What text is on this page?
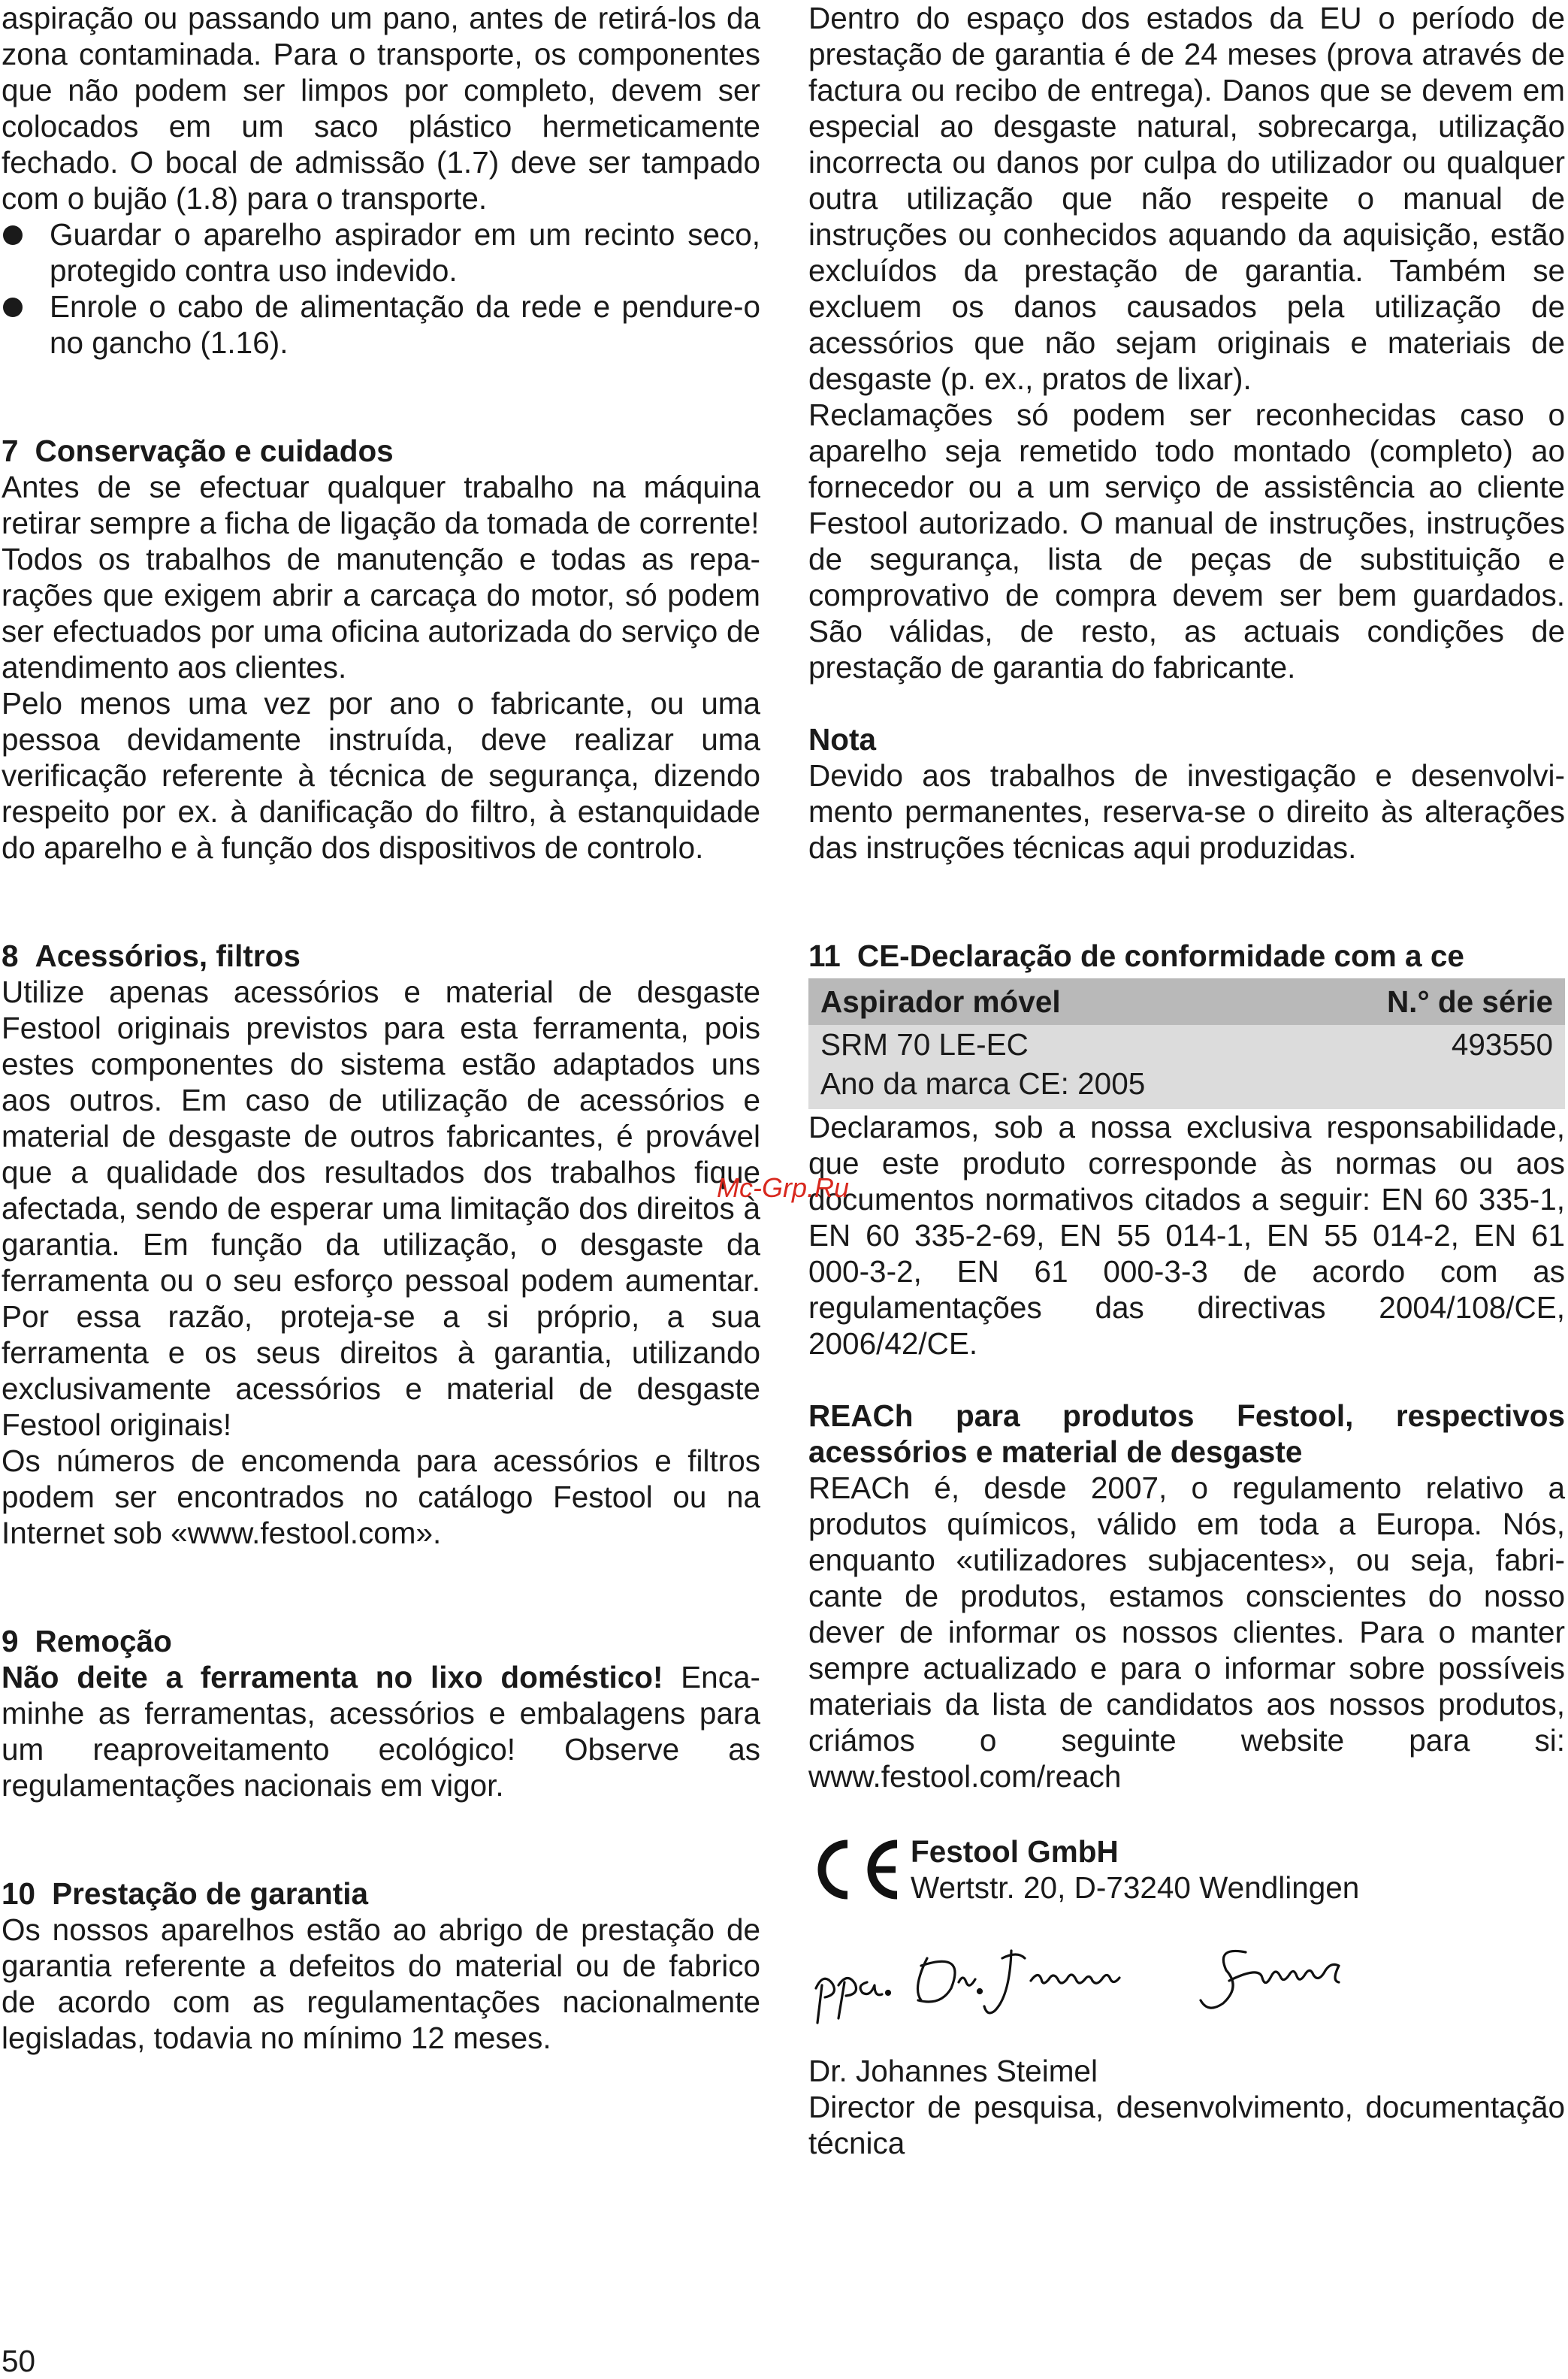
aspiração ou passando um pano, antes de retirá-los da zona contaminada. Para o transporte, os componentes que não podem ser limpos por completo, devem ser colocados em um saco plástico hermeticamente fechado. O bocal de admissão (1.7) deve ser tampado com o bujão (1.8) para o transporte.

Guardar o aparelho aspirador em um recinto seco, protegido contra uso indevido.

Enrole o cabo de alimentação da rede e pendure-o no gancho (1.16).

7 Conservação e cuidados

Antes de se efectuar qualquer trabalho na máquina retirar sempre a ficha de ligação da tomada de corrente!

Todos os trabalhos de manutenção e todas as reparações que exigem abrir a carcaça do motor, só podem ser efectuados por uma oficina autorizada do serviço de atendimento aos clientes.

Pelo menos uma vez por ano o fabricante, ou uma pessoa devidamente instruída, deve realizar uma verificação referente à técnica de segurança, dizendo respeito por ex. à danificação do filtro, à estanquidade do aparelho e à função dos dispositivos de controlo.

8 Acessórios, filtros

Utilize apenas acessórios e material de desgaste Festool originais previstos para esta ferramenta, pois estes componentes do sistema estão adaptados uns aos outros. Em caso de utilização de acessórios e material de desgaste de outros fabricantes, é provável que a qualidade dos resultados dos trabalhos fique afectada, sendo de esperar uma limitação dos direitos à garantia. Em função da utilização, o desgaste da ferramenta ou o seu esforço pessoal podem aumentar. Por essa razão, proteja-se a si próprio, a sua ferramenta e os seus direitos à garantia, utilizando exclusivamente acessórios e material de desgaste Festool originais!

Os números de encomenda para acessórios e filtros podem ser encontrados no catálogo Festool ou na Internet sob «www.festool.com».

9 Remoção

Não deite a ferramenta no lixo doméstico! Encaminhe as ferramentas, acessórios e embalagens para um reaproveitamento ecológico! Observe as regulamentações nacionais em vigor.

10 Prestação de garantia

Os nossos aparelhos estão ao abrigo de prestação de garantia referente a defeitos do material ou de fabrico de acordo com as regulamentações nacionalmente legisladas, todavia no mínimo 12 meses.

Dentro do espaço dos estados da EU o período de prestação de garantia é de 24 meses (prova através de factura ou recibo de entrega). Danos que se devem em especial ao desgaste natural, sobrecarga, utilização incorrecta ou danos por culpa do utilizador ou qualquer outra utilização que não respeite o manual de instruções ou conhecidos aquando da aquisição, estão excluídos da prestação de garantia. Também se excluem os danos causados pela utilização de acessórios que não sejam originais e materiais de desgaste (p. ex., pratos de lixar).

Reclamações só podem ser reconhecidas caso o aparelho seja remetido todo montado (completo) ao fornecedor ou a um serviço de assistência ao cliente Festool autorizado. O manual de instruções, instruções de segurança, lista de peças de substituição e comprovativo de compra devem ser bem guardados. São válidas, de resto, as actuais condições de prestação de garantia do fabricante.

Nota

Devido aos trabalhos de investigação e desenvolvimento permanentes, reserva-se o direito às alterações das instruções técnicas aqui produzidas.

11 CE-Declaração de conformidade com a ce
Aspirador móvel	N.° de série
SRM 70 LE-EC	493550
Ano da marca CE: 2005	

Declaramos, sob a nossa exclusiva responsabilidade, que este produto corresponde às normas ou aos documentos normativos citados a seguir: EN 60 335-1, EN 60 335-2-69, EN 55 014-1, EN 55 014-2, EN 61 000-3-2, EN 61 000-3-3 de acordo com as regulamentações das directivas 2004/108/CE, 2006/42/CE.

REACh para produtos Festool, respectivos acessórios e material de desgaste

REACh é, desde 2007, o regulamento relativo a produtos químicos, válido em toda a Europa. Nós, enquanto «utilizadores subjacentes», ou seja, fabricante de produtos, estamos conscientes do nosso dever de informar os nossos clientes. Para o manter sempre actualizado e para o informar sobre possíveis materiais da lista de candidatos aos nossos produtos, criámos o seguinte website para si: www.festool.com/reach

Festool GmbH
Wertstr. 20, D-73240 Wendlingen
Dr. Johannes Steimel

Director de pesquisa, desenvolvimento, documentação técnica

Mc-Grp.Ru
50
